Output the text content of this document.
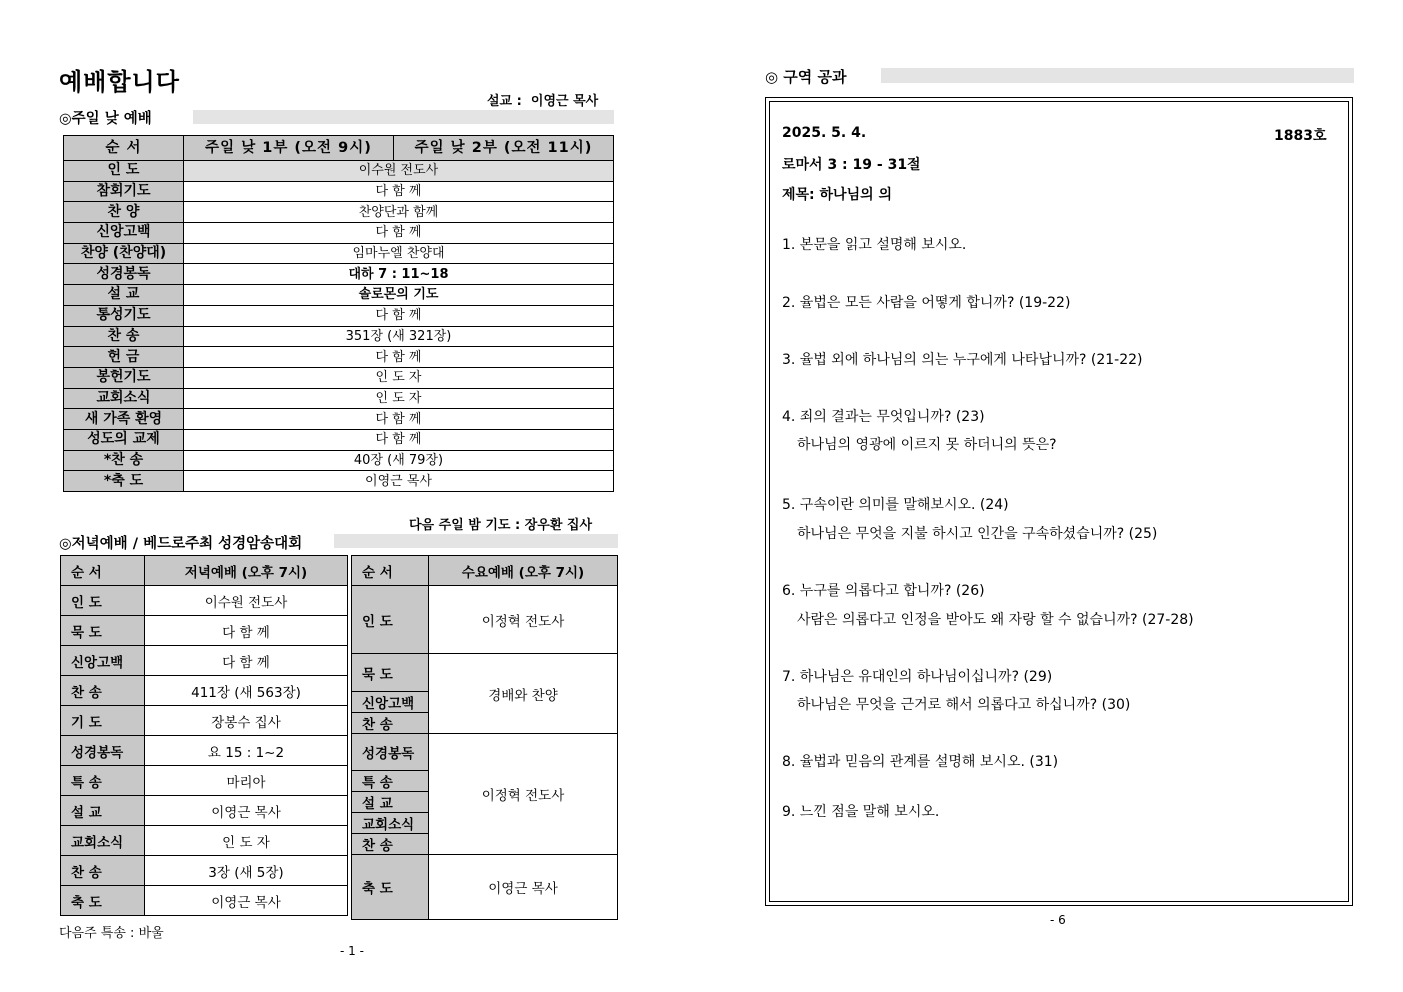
예배합니다
설교 :  이영근 목사
◎주일 낮 예배
순 서	주일 낮 1부 (오전 9시)	주일 낮 2부 (오전 11시)
인 도	이수원 전도사	
참회기도	다 함 께	
찬 양	찬양단과 함께	
신앙고백	다 함 께	
찬양 (찬양대)	임마누엘 찬양대	
성경봉독	대하 7 : 11~18	
설 교	솔로몬의 기도	
통성기도	다 함 께	
찬 송	351장 (새 321장)	
헌 금	다 함 께	
봉헌기도	인 도 자	
교회소식	인 도 자	
새 가족 환영	다 함 께	
성도의 교제	다 함 께	
*찬 송	40장 (새 79장)	
*축 도	이영근 목사	
다음 주일 밤 기도 : 장우환 집사
◎저녁예배 / 베드로주최 성경암송대회
순 서	저녁예배 (오후 7시)
인 도	이수원 전도사
묵 도	다 함 께
신앙고백	다 함 께
찬 송	411장 (새 563장)
기 도	장봉수 집사
성경봉독	요 15 : 1~2
특 송	마리아
설 교	이영근 목사
교회소식	인 도 자
찬 송	3장 (새 5장)
축 도	이영근 목사
순 서	수요예배 (오후 7시)
인 도	이정혁 전도사
묵 도	경배와 찬양
신앙고백	
찬 송	
성경봉독	이정혁 전도사
특 송	
설 교	
교회소식	
찬 송	
축 도	이영근 목사
다음주 특송 : 바울
- 1 -
◎ 구역 공과
2025. 5. 4.	1883호
로마서 3 : 19 - 31절
제목: 하나님의 의
1. 본문을 읽고 설명해 보시오.
2. 율법은 모든 사람을 어떻게 합니까? (19-22)
3. 율법 외에 하나님의 의는 누구에게 나타납니까? (21-22)
4. 죄의 결과는 무엇입니까? (23)
하나님의 영광에 이르지 못 하더니의 뜻은?
5. 구속이란 의미를 말해보시오. (24)
하나님은 무엇을 지불 하시고 인간을 구속하셨습니까? (25)
6. 누구를 의롭다고 합니까? (26)
사람은 의롭다고 인정을 받아도 왜 자랑 할 수 없습니까? (27-28)
7. 하나님은 유대인의 하나님이십니까? (29)
하나님은 무엇을 근거로 해서 의롭다고 하십니까? (30)
8. 율법과 믿음의 관계를 설명해 보시오. (31)
9. 느낀 점을 말해 보시오.
- 6
